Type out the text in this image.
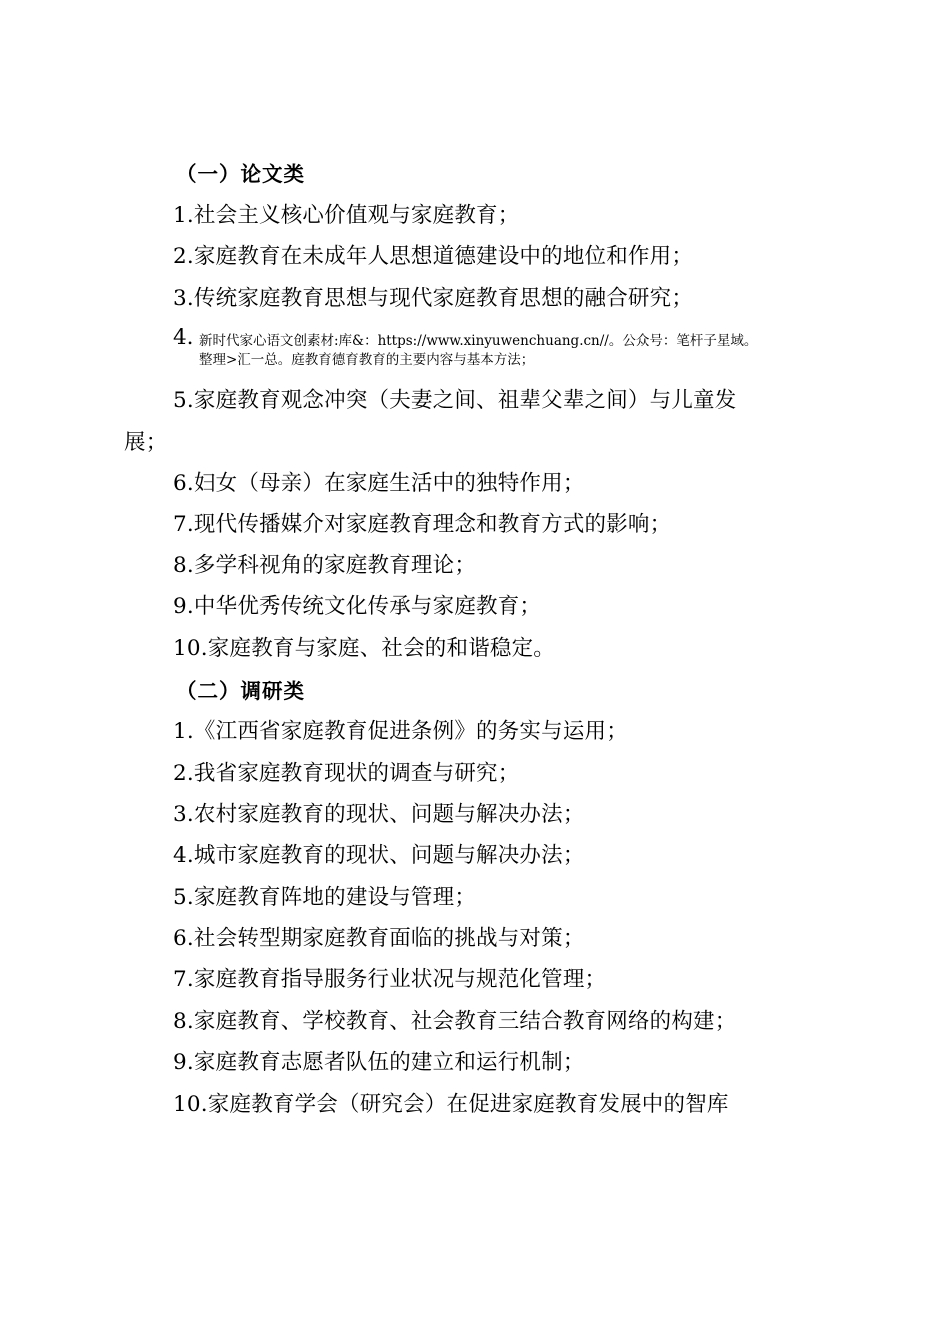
（一）论文类
1.社会主义核心价值观与家庭教育；
2.家庭教育在未成年人思想道德建设中的地位和作用；
3.传统家庭教育思想与现代家庭教育思想的融合研究；
4. 新时代家心语文创素材:库&：https://www.xinyuwenchuang.cn//。公众号：笔杆子星域。
整理>汇一总。庭教育德育教育的主要内容与基本方法；
5.家庭教育观念冲突（夫妻之间、祖辈父辈之间）与儿童发
展；
6.妇女（母亲）在家庭生活中的独特作用；
7.现代传播媒介对家庭教育理念和教育方式的影响；
8.多学科视角的家庭教育理论；
9.中华优秀传统文化传承与家庭教育；
10.家庭教育与家庭、社会的和谐稳定。
（二）调研类
1.《江西省家庭教育促进条例》的务实与运用；
2.我省家庭教育现状的调查与研究；
3.农村家庭教育的现状、问题与解决办法；
4.城市家庭教育的现状、问题与解决办法；
5.家庭教育阵地的建设与管理；
6.社会转型期家庭教育面临的挑战与对策；
7.家庭教育指导服务行业状况与规范化管理；
8.家庭教育、学校教育、社会教育三结合教育网络的构建；
9.家庭教育志愿者队伍的建立和运行机制；
10.家庭教育学会（研究会）在促进家庭教育发展中的智库
